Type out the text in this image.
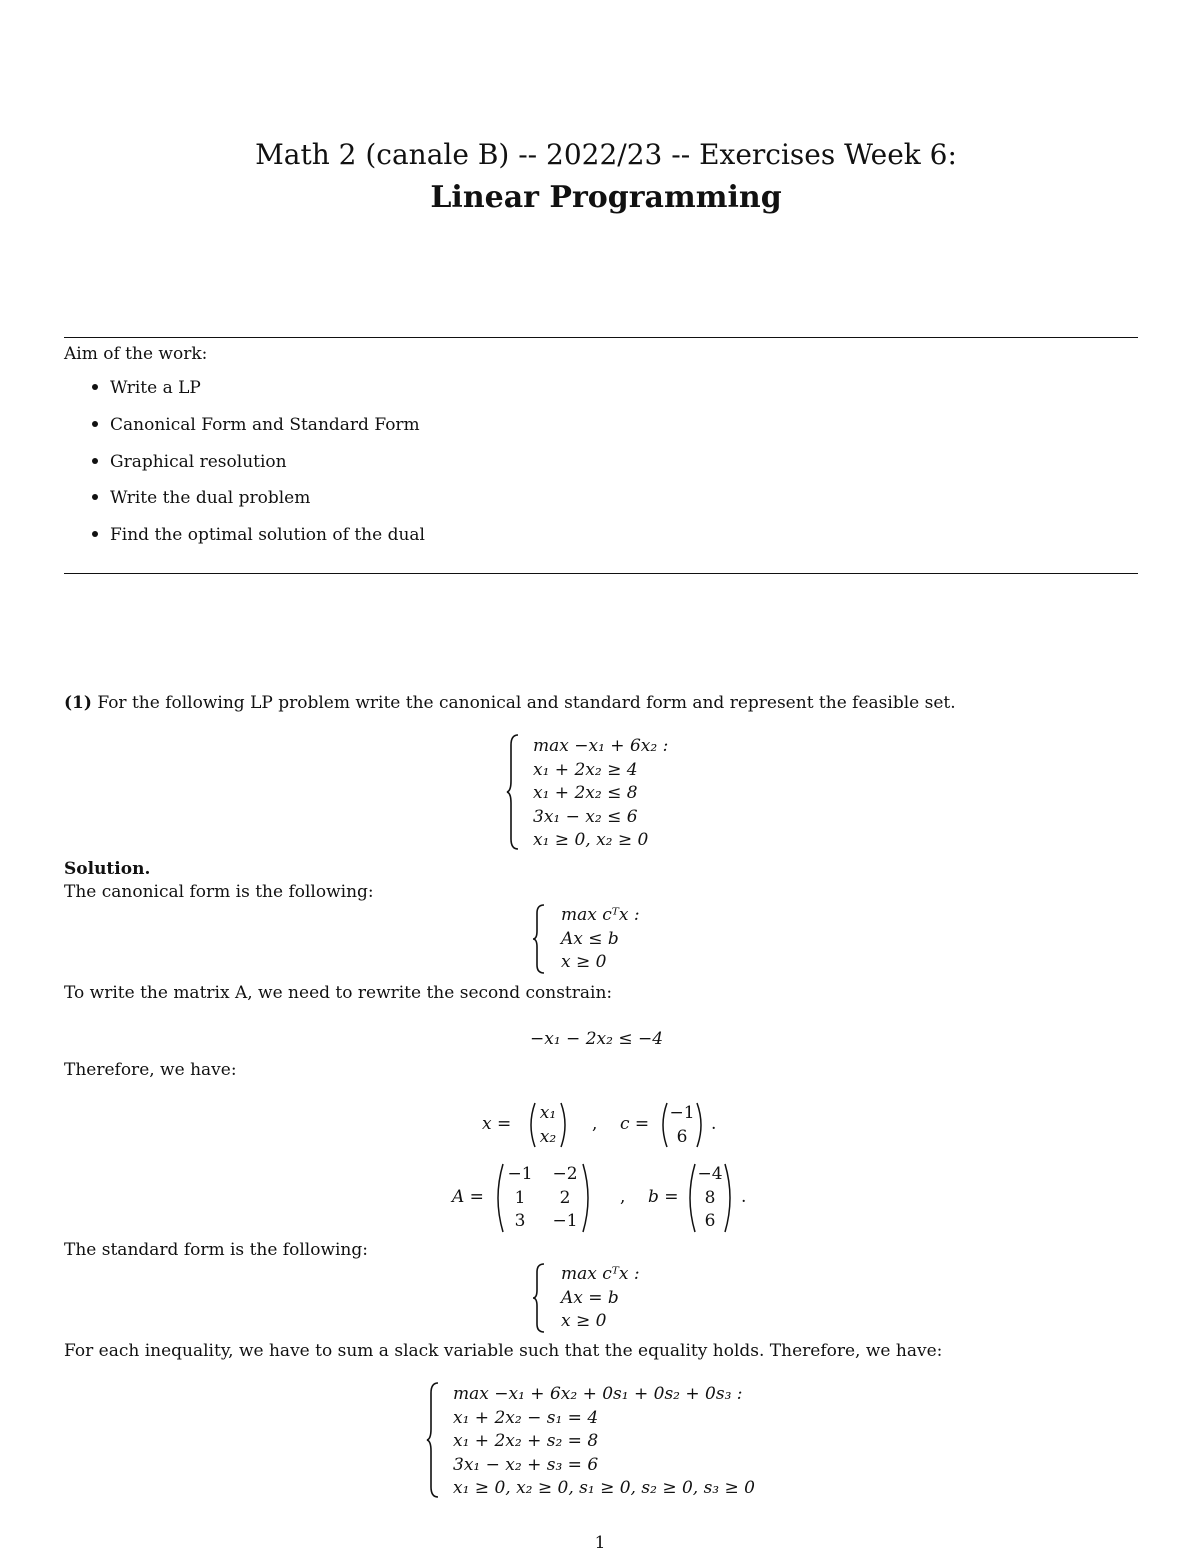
Math 2 (canale B) -- 2022/23 -- Exercises Week 6:
Linear Programming
Aim of the work:
Write a LP
Canonical Form and Standard Form
Graphical resolution
Write the dual problem
Find the optimal solution of the dual
(1) For the following LP problem write the canonical and standard form and represent the feasible set.
max −x₁ + 6x₂ :
x₁ + 2x₂ ≥ 4
x₁ + 2x₂ ≤ 8
3x₁ − x₂ ≤ 6
x₁ ≥ 0, x₂ ≥ 0
Solution.
The canonical form is the following:
max cᵀx :
Ax ≤ b
x ≥ 0
To write the matrix A, we need to rewrite the second constrain:
−x₁ − 2x₂ ≤ −4
Therefore, we have:
x =
x₁
x₂
, c =
−1
6
.
A =
−1 −2
1	2
3	−1
, b =
−4
8
6
.
The standard form is the following:
max cᵀx :
Ax = b
x ≥ 0
For each inequality, we have to sum a slack variable such that the equality holds. Therefore, we have:
max −x₁ + 6x₂ + 0s₁ + 0s₂ + 0s₃ :
x₁ + 2x₂ − s₁ = 4
x₁ + 2x₂ + s₂ = 8
3x₁ − x₂ + s₃ = 6
x₁ ≥ 0, x₂ ≥ 0, s₁ ≥ 0, s₂ ≥ 0, s₃ ≥ 0
1
